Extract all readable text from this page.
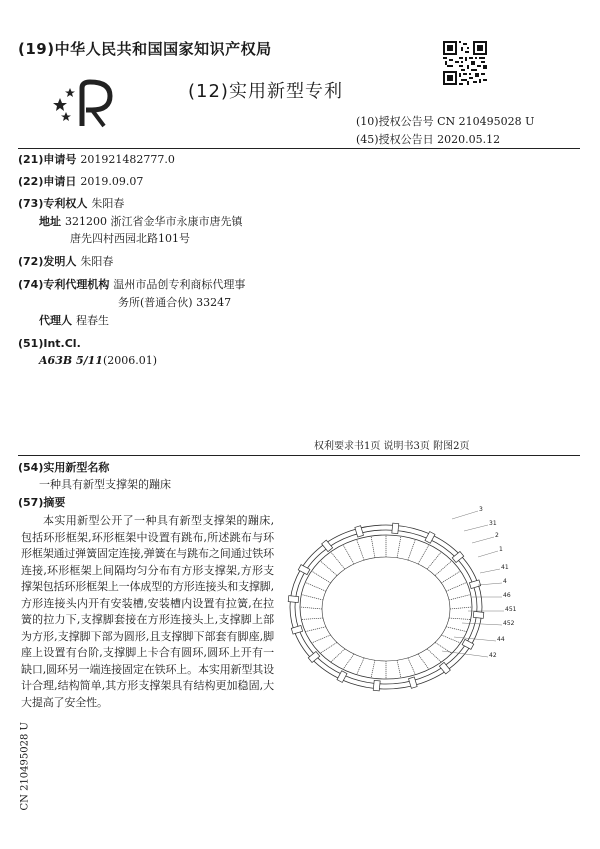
(19)中华人民共和国国家知识产权局
(12)实用新型专利
(10)授权公告号 CN 210495028 U
(45)授权公告日 2020.05.12
(21)申请号 201921482777.0
(22)申请日 2019.09.07
(73)专利权人 朱阳春
地址 321200 浙江省金华市永康市唐先镇
唐先四村西园北路101号
(72)发明人 朱阳春
(74)专利代理机构 温州市品创专利商标代理事
务所(普通合伙) 33247
代理人 程春生
(51)Int.Cl.
A63B 5/11(2006.01)
权利要求书1页 说明书3页 附图2页
(54)实用新型名称
一种具有新型支撑架的蹦床
(57)摘要
本实用新型公开了一种具有新型支撑架的蹦床,包括环形框架,环形框架中设置有跳布,所述跳布与环形框架通过弹簧固定连接,弹簧在与跳布之间通过铁环连接,环形框架上间隔均匀分布有方形支撑架,方形支撑架包括环形框架上一体成型的方形连接头和支撑脚,方形连接头内开有安装槽,安装槽内设置有拉簧,在拉簧的拉力下,支撑脚套接在方形连接头上,支撑脚上部为方形,支撑脚下部为圆形,且支撑脚下部套有脚座,脚座上设置有台阶,支撑脚上卡合有圆环,圆环上开有一缺口,圆环另一端连接固定在铁环上。本实用新型其设计合理,结构简单,其方形支撑架具有结构更加稳固,大大提高了安全性。
3
31
2
1
41
4
46
451
452
44
42
CN 210495028 U
